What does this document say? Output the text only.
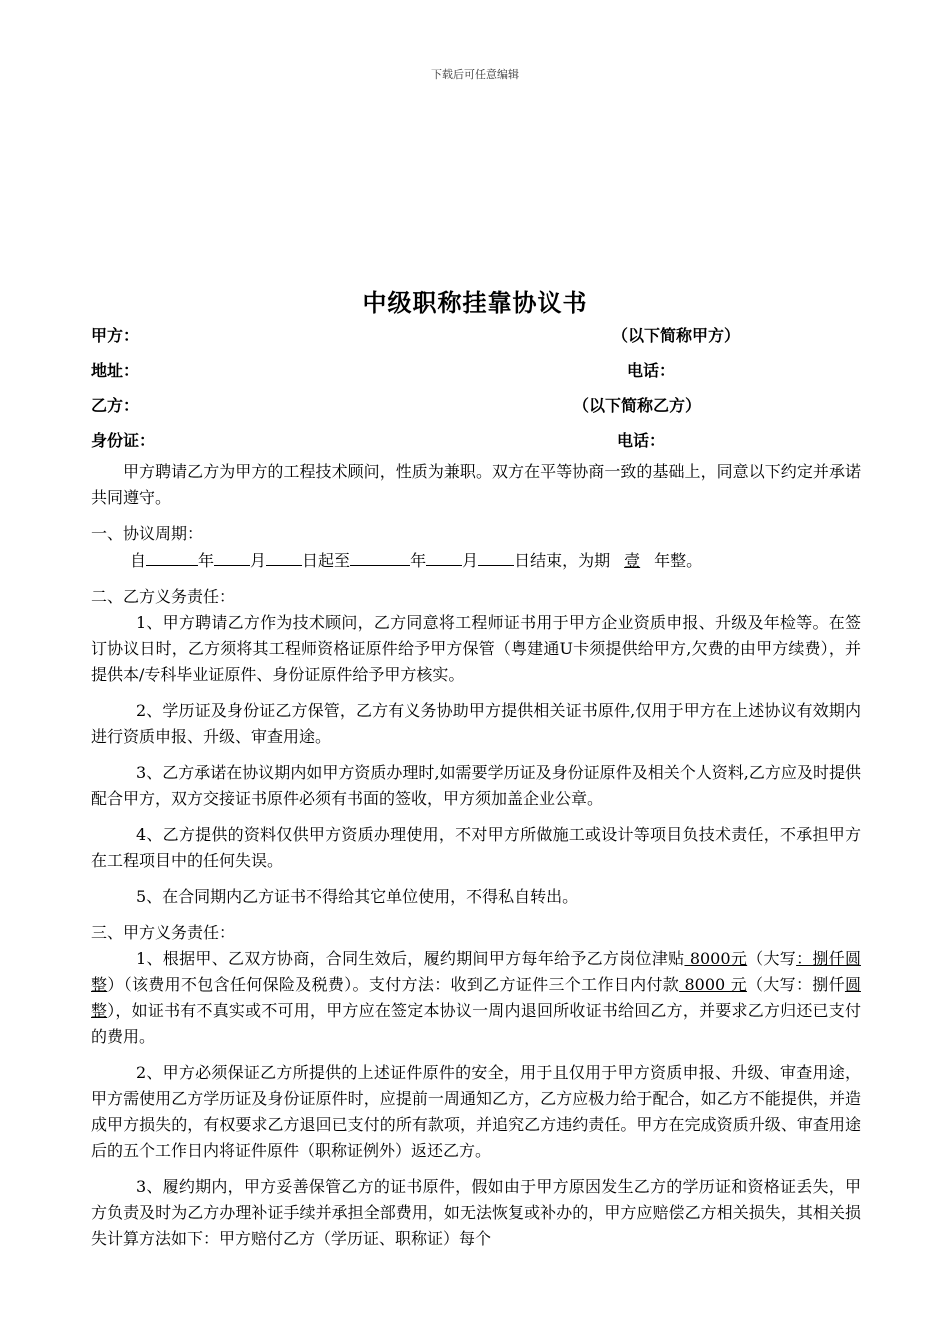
下载后可任意编辑
中级职称挂靠协议书
甲方：	（以下简称甲方）
地址：	电话：
乙方：	（以下简称乙方）
身份证：	电话：

甲方聘请乙方为甲方的工程技术顾问，性质为兼职。双方在平等协商一致的基础上，同意以下约定并承诺共同遵守。

一、协议周期：
自	年 月 日起至	年 月 日结束，为期 壹 年整。
二、乙方义务责任：

1、甲方聘请乙方作为技术顾问，乙方同意将工程师证书用于甲方企业资质申报、升级及年检等。在签订协议日时，乙方须将其工程师资格证原件给予甲方保管（粤建通U卡须提供给甲方,欠费的由甲方续费），并提供本/专科毕业证原件、身份证原件给予甲方核实。

2、学历证及身份证乙方保管，乙方有义务协助甲方提供相关证书原件,仅用于甲方在上述协议有效期内进行资质申报、升级、审查用途。

3、乙方承诺在协议期内如甲方资质办理时,如需要学历证及身份证原件及相关个人资料,乙方应及时提供配合甲方，双方交接证书原件必须有书面的签收，甲方须加盖企业公章。

4、乙方提供的资料仅供甲方资质办理使用，不对甲方所做施工或设计等项目负技术责任，不承担甲方在工程项目中的任何失误。

5、在合同期内乙方证书不得给其它单位使用，不得私自转出。

三、甲方义务责任：

1、根据甲、乙双方协商，合同生效后，履约期间甲方每年给予乙方岗位津贴 8000元（大写：捌仟圆整）（该费用不包含任何保险及税费）。支付方法：收到乙方证件三个工作日内付款 8000 元（大写：捌仟圆整），如证书有不真实或不可用，甲方应在签定本协议一周内退回所收证书给回乙方，并要求乙方归还已支付的费用。

2、甲方必须保证乙方所提供的上述证件原件的安全，用于且仅用于甲方资质申报、升级、审查用途，甲方需使用乙方学历证及身份证原件时，应提前一周通知乙方，乙方应极力给于配合，如乙方不能提供，并造成甲方损失的，有权要求乙方退回已支付的所有款项，并追究乙方违约责任。甲方在完成资质升级、审查用途后的五个工作日内将证件原件（职称证例外）返还乙方。

3、履约期内，甲方妥善保管乙方的证书原件，假如由于甲方原因发生乙方的学历证和资格证丢失，甲方负责及时为乙方办理补证手续并承担全部费用，如无法恢复或补办的，甲方应赔偿乙方相关损失，其相关损失计算方法如下：甲方赔付乙方（学历证、职称证）每个
